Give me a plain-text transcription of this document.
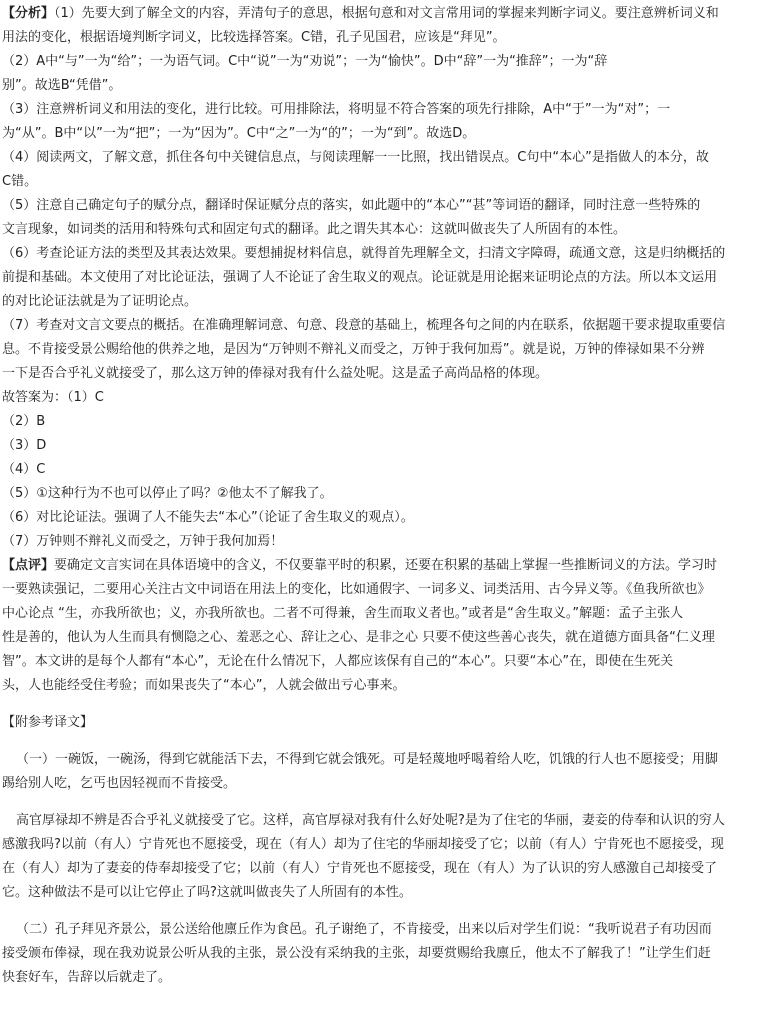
【分析】（1）先要大到了解全文的内容，弄清句子的意思，根据句意和对文言常用词的掌握来判断字词义。要注意辨析词义和
用法的变化，根据语境判断字词义，比较选择答案。C错，孔子见国君，应该是“拜见”。
（2）A中“与”一为“给”；一为语气词。C中“说”一为“劝说”；一为“愉快”。D中“辞”一为“推辞”；一为“辞
别”。故选B“凭借”。
（3）注意辨析词义和用法的变化，进行比较。可用排除法，将明显不符合答案的项先行排除，A中“于”一为“对”；一
为“从”。B中“以”一为“把”；一为“因为”。C中“之”一为“的”；一为“到”。故选D。
（4）阅读两文，了解文意，抓住各句中关键信息点，与阅读理解一一比照，找出错误点。C句中“本心”是指做人的本分，故
C错。
（5）注意自己确定句子的赋分点，翻译时保证赋分点的落实，如此题中的“本心”“甚”等词语的翻译，同时注意一些特殊的
文言现象，如词类的活用和特殊句式和固定句式的翻译。此之谓失其本心：这就叫做丧失了人所固有的本性。
（6）考查论证方法的类型及其表达效果。要想捕捉材料信息，就得首先理解全文，扫清文字障碍，疏通文意，这是归纳概括的
前提和基础。本文使用了对比论证法，强调了人不论证了舍生取义的观点。论证就是用论据来证明论点的方法。所以本文运用
的对比论证法就是为了证明论点。
（7）考查对文言文要点的概括。在准确理解词意、句意、段意的基础上，梳理各句之间的内在联系，依据题干要求提取重要信
息。不肯接受景公赐给他的供养之地，是因为“万钟则不辩礼义而受之，万钟于我何加焉”。就是说，万钟的俸禄如果不分辨
一下是否合乎礼义就接受了，那么这万钟的俸禄对我有什么益处呢。这是孟子高尚品格的体现。
故答案为：（1）C
（2）B
（3）D
（4）C
（5）①这种行为不也可以停止了吗？②他太不了解我了。
（6）对比论证法。强调了人不能失去“本心”（论证了舍生取义的观点）。
（7）万钟则不辩礼义而受之，万钟于我何加焉！
【点评】要确定文言实词在具体语境中的含义，不仅要靠平时的积累，还要在积累的基础上掌握一些推断词义的方法。学习时
一要熟读强记，二要用心关注古文中词语在用法上的变化，比如通假字、一词多义、词类活用、古今异义等。《鱼我所欲也》
中心论点 “生，亦我所欲也；义，亦我所欲也。二者不可得兼，舍生而取义者也。”或者是“舍生取义。”解题：孟子主张人
性是善的，他认为人生而具有恻隐之心、羞恶之心、辞让之心、是非之心 只要不使这些善心丧失，就在道德方面具备“仁义理
智”。本文讲的是每个人都有“本心”，无论在什么情况下，人都应该保有自己的“本心”。只要“本心”在，即使在生死关
头，人也能经受住考验；而如果丧失了“本心”，人就会做出亏心事来。
【附参考译文】
（一）一碗饭，一碗汤，得到它就能活下去，不得到它就会饿死。可是轻蔑地呼喝着给人吃，饥饿的行人也不愿接受；用脚
踢给别人吃，乞丐也因轻视而不肯接受。
高官厚禄却不辨是否合乎礼义就接受了它。这样，高官厚禄对我有什么好处呢?是为了住宅的华丽，妻妾的侍奉和认识的穷人
感激我吗?以前（有人）宁肯死也不愿接受，现在（有人）却为了住宅的华丽却接受了它；以前（有人）宁肯死也不愿接受，现
在（有人）却为了妻妾的侍奉却接受了它；以前（有人）宁肯死也不愿接受，现在（有人）为了认识的穷人感激自己却接受了
它。这种做法不是可以让它停止了吗?这就叫做丧失了人所固有的本性。
（二）孔子拜见齐景公，景公送给他廪丘作为食邑。孔子谢绝了，不肯接受，出来以后对学生们说：“我听说君子有功因而
接受颁布俸禄，现在我劝说景公听从我的主张，景公没有采纳我的主张，却要赏赐给我廪丘，他太不了解我了！”让学生们赶
快套好车，告辞以后就走了。
